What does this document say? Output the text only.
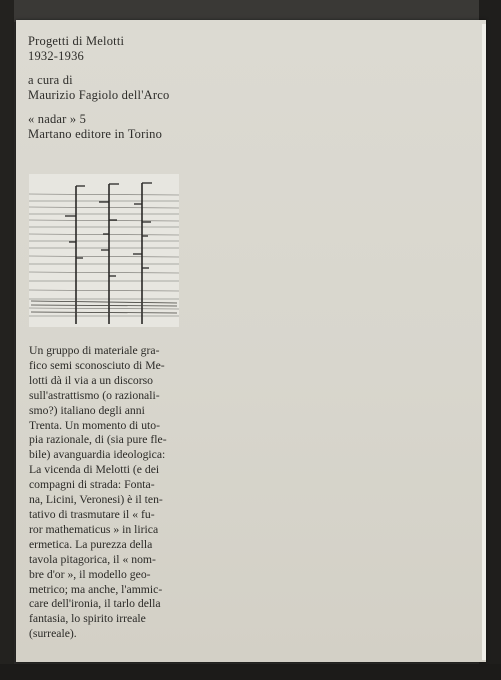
Progetti di Melotti
1932-1936
a cura di
Maurizio Fagiolo dell'Arco
« nadar » 5
Martano editore in Torino
Un gruppo di materiale gra-
fico semi sconosciuto di Me-
lotti dà il via a un discorso
sull'astrattismo (o razionali-
smo?) italiano degli anni
Trenta. Un momento di uto-
pia razionale, di (sia pure fle-
bile) avanguardia ideologica:
La vicenda di Melotti (e dei
compagni di strada: Fonta-
na, Licini, Veronesi) è il ten-
tativo di trasmutare il « fu-
ror mathematicus » in lirica
ermetica. La purezza della
tavola pitagorica, il « nom-
bre d'or », il modello geo-
metrico; ma anche, l'ammic-
care dell'ironia, il tarlo della
fantasia, lo spirito irreale
(surreale).
